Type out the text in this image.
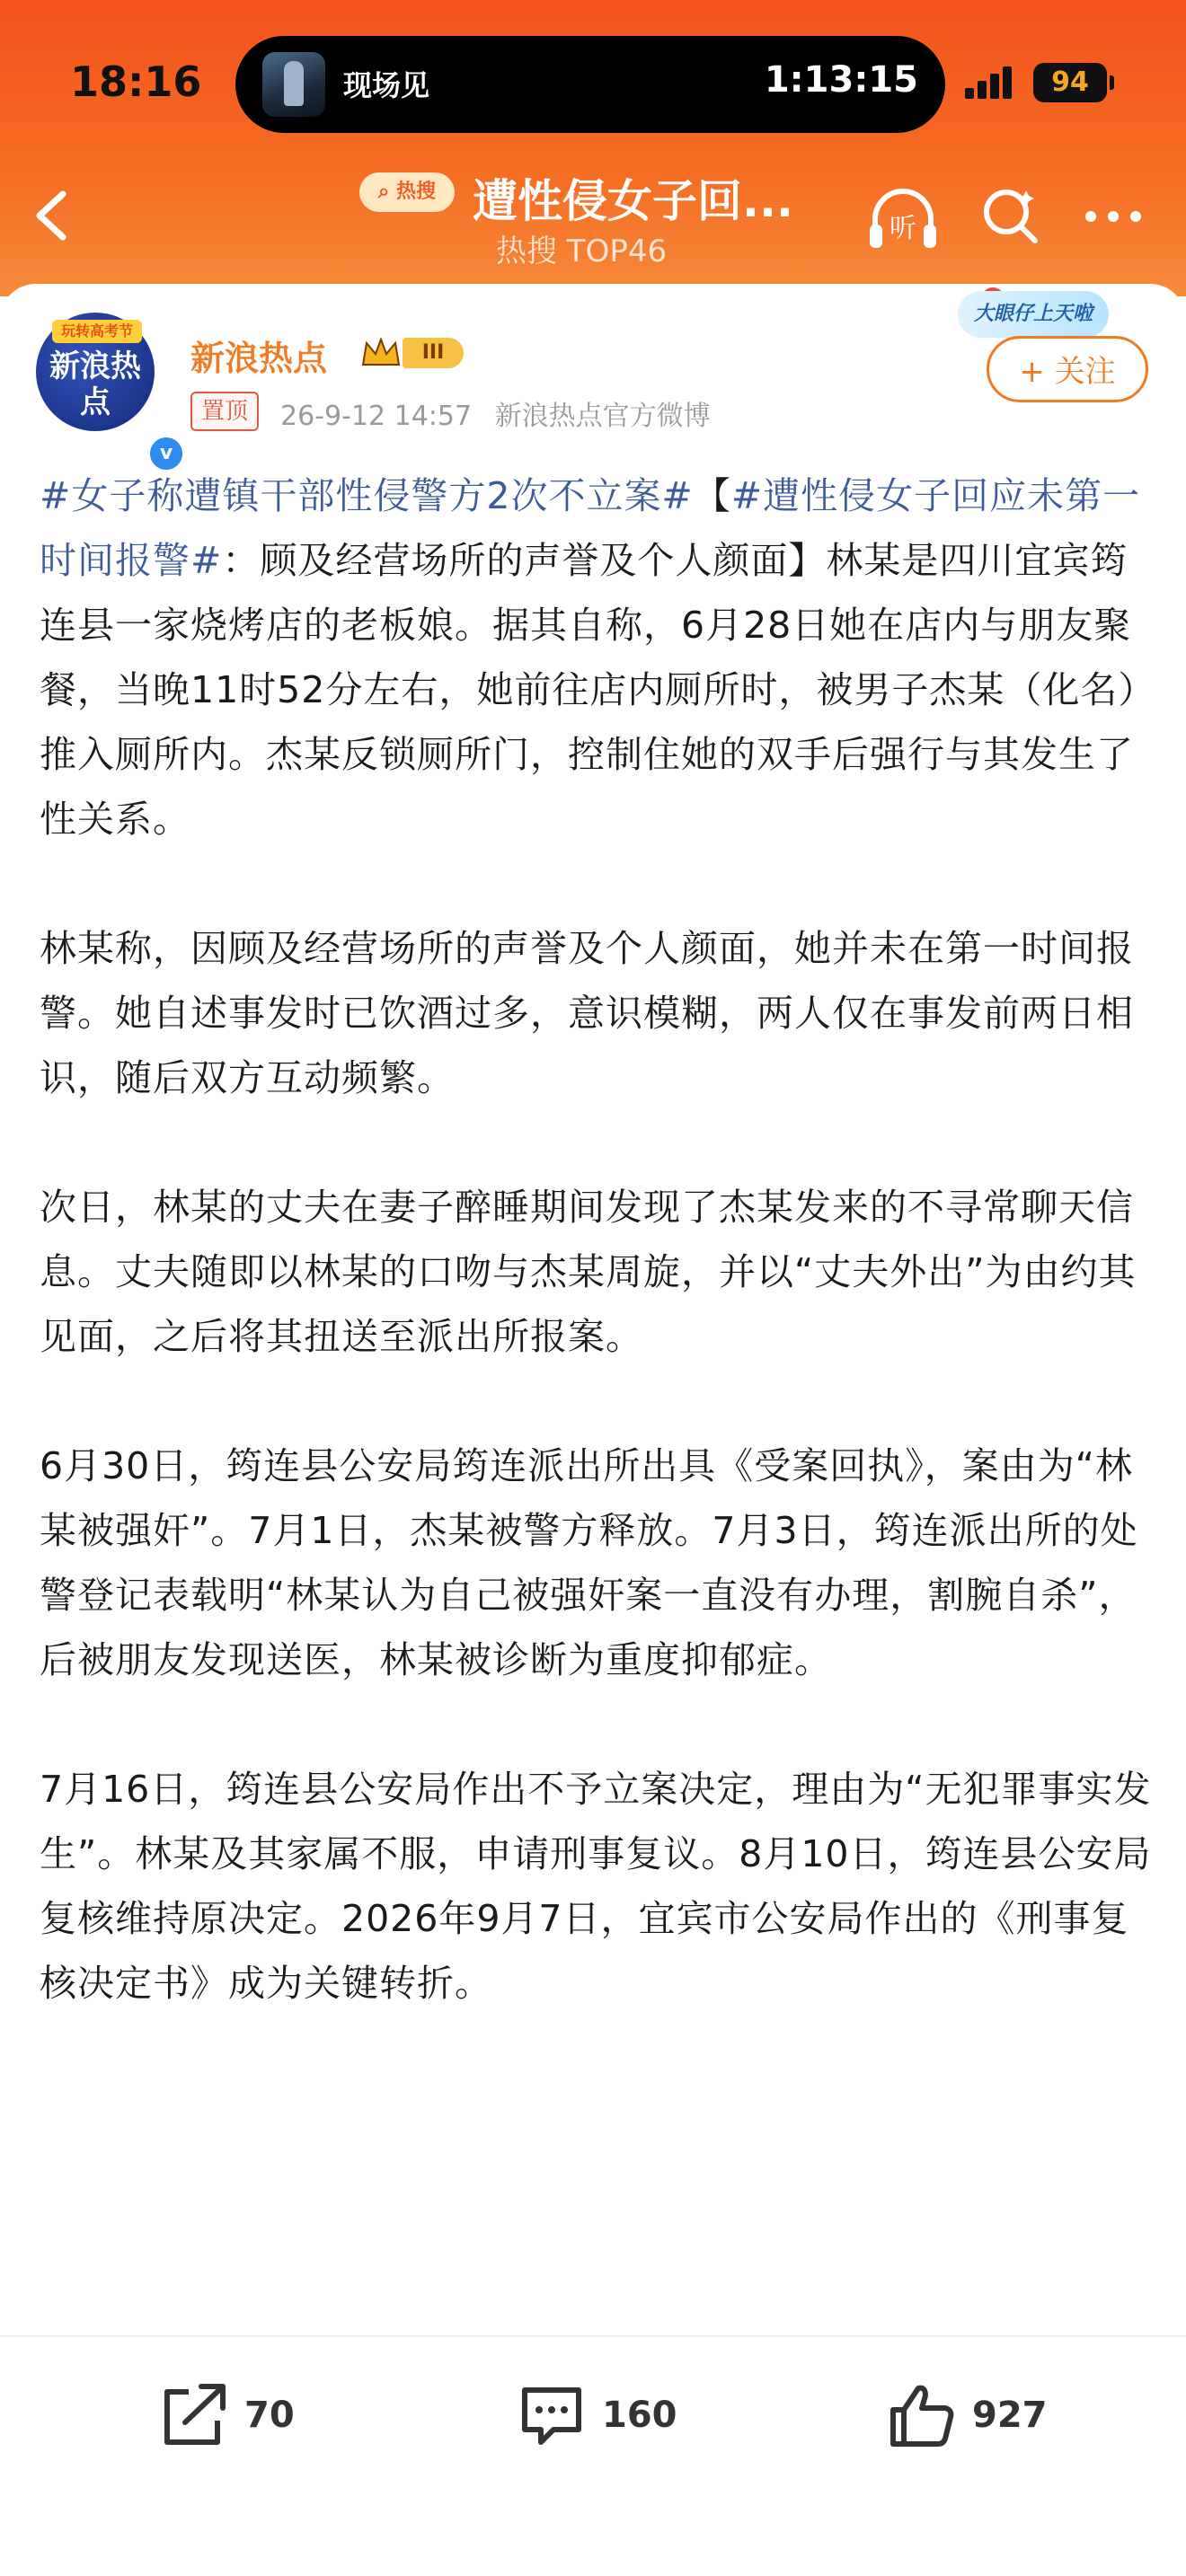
18:16	现场见	1:13:15	94
⌕ 热搜 遭性侵女子回...
热搜 TOP46
听
玩转高考节
新浪热点
v
新浪热点	III
置顶	26-9-12 14:57 新浪热点官方微博
大眼仔上天啦
+ 关注

#女子称遭镇干部性侵警方2次不立案#【#遭性侵女子回应未第一时间报警#：顾及经营场所的声誉及个人颜面】林某是四川宜宾筠连县一家烧烤店的老板娘。据其自称，6月28日她在店内与朋友聚餐，当晚11时52分左右，她前往店内厕所时，被男子杰某（化名）推入厕所内。杰某反锁厕所门，控制住她的双手后强行与其发生了性关系。

林某称，因顾及经营场所的声誉及个人颜面，她并未在第一时间报警。她自述事发时已饮酒过多，意识模糊，两人仅在事发前两日相识，随后双方互动频繁。

次日，林某的丈夫在妻子醉睡期间发现了杰某发来的不寻常聊天信息。丈夫随即以林某的口吻与杰某周旋，并以“丈夫外出”为由约其见面，之后将其扭送至派出所报案。

6月30日，筠连县公安局筠连派出所出具《受案回执》，案由为“林某被强奸”。7月1日，杰某被警方释放。7月3日，筠连派出所的处警登记表载明“林某认为自己被强奸案一直没有办理，割腕自杀”，后被朋友发现送医，林某被诊断为重度抑郁症。

7月16日，筠连县公安局作出不予立案决定，理由为“无犯罪事实发生”。林某及其家属不服，申请刑事复议。8月10日，筠连县公安局复核维持原决定。2026年9月7日，宜宾市公安局作出的《刑事复核决定书》成为关键转折。

70	160	927
